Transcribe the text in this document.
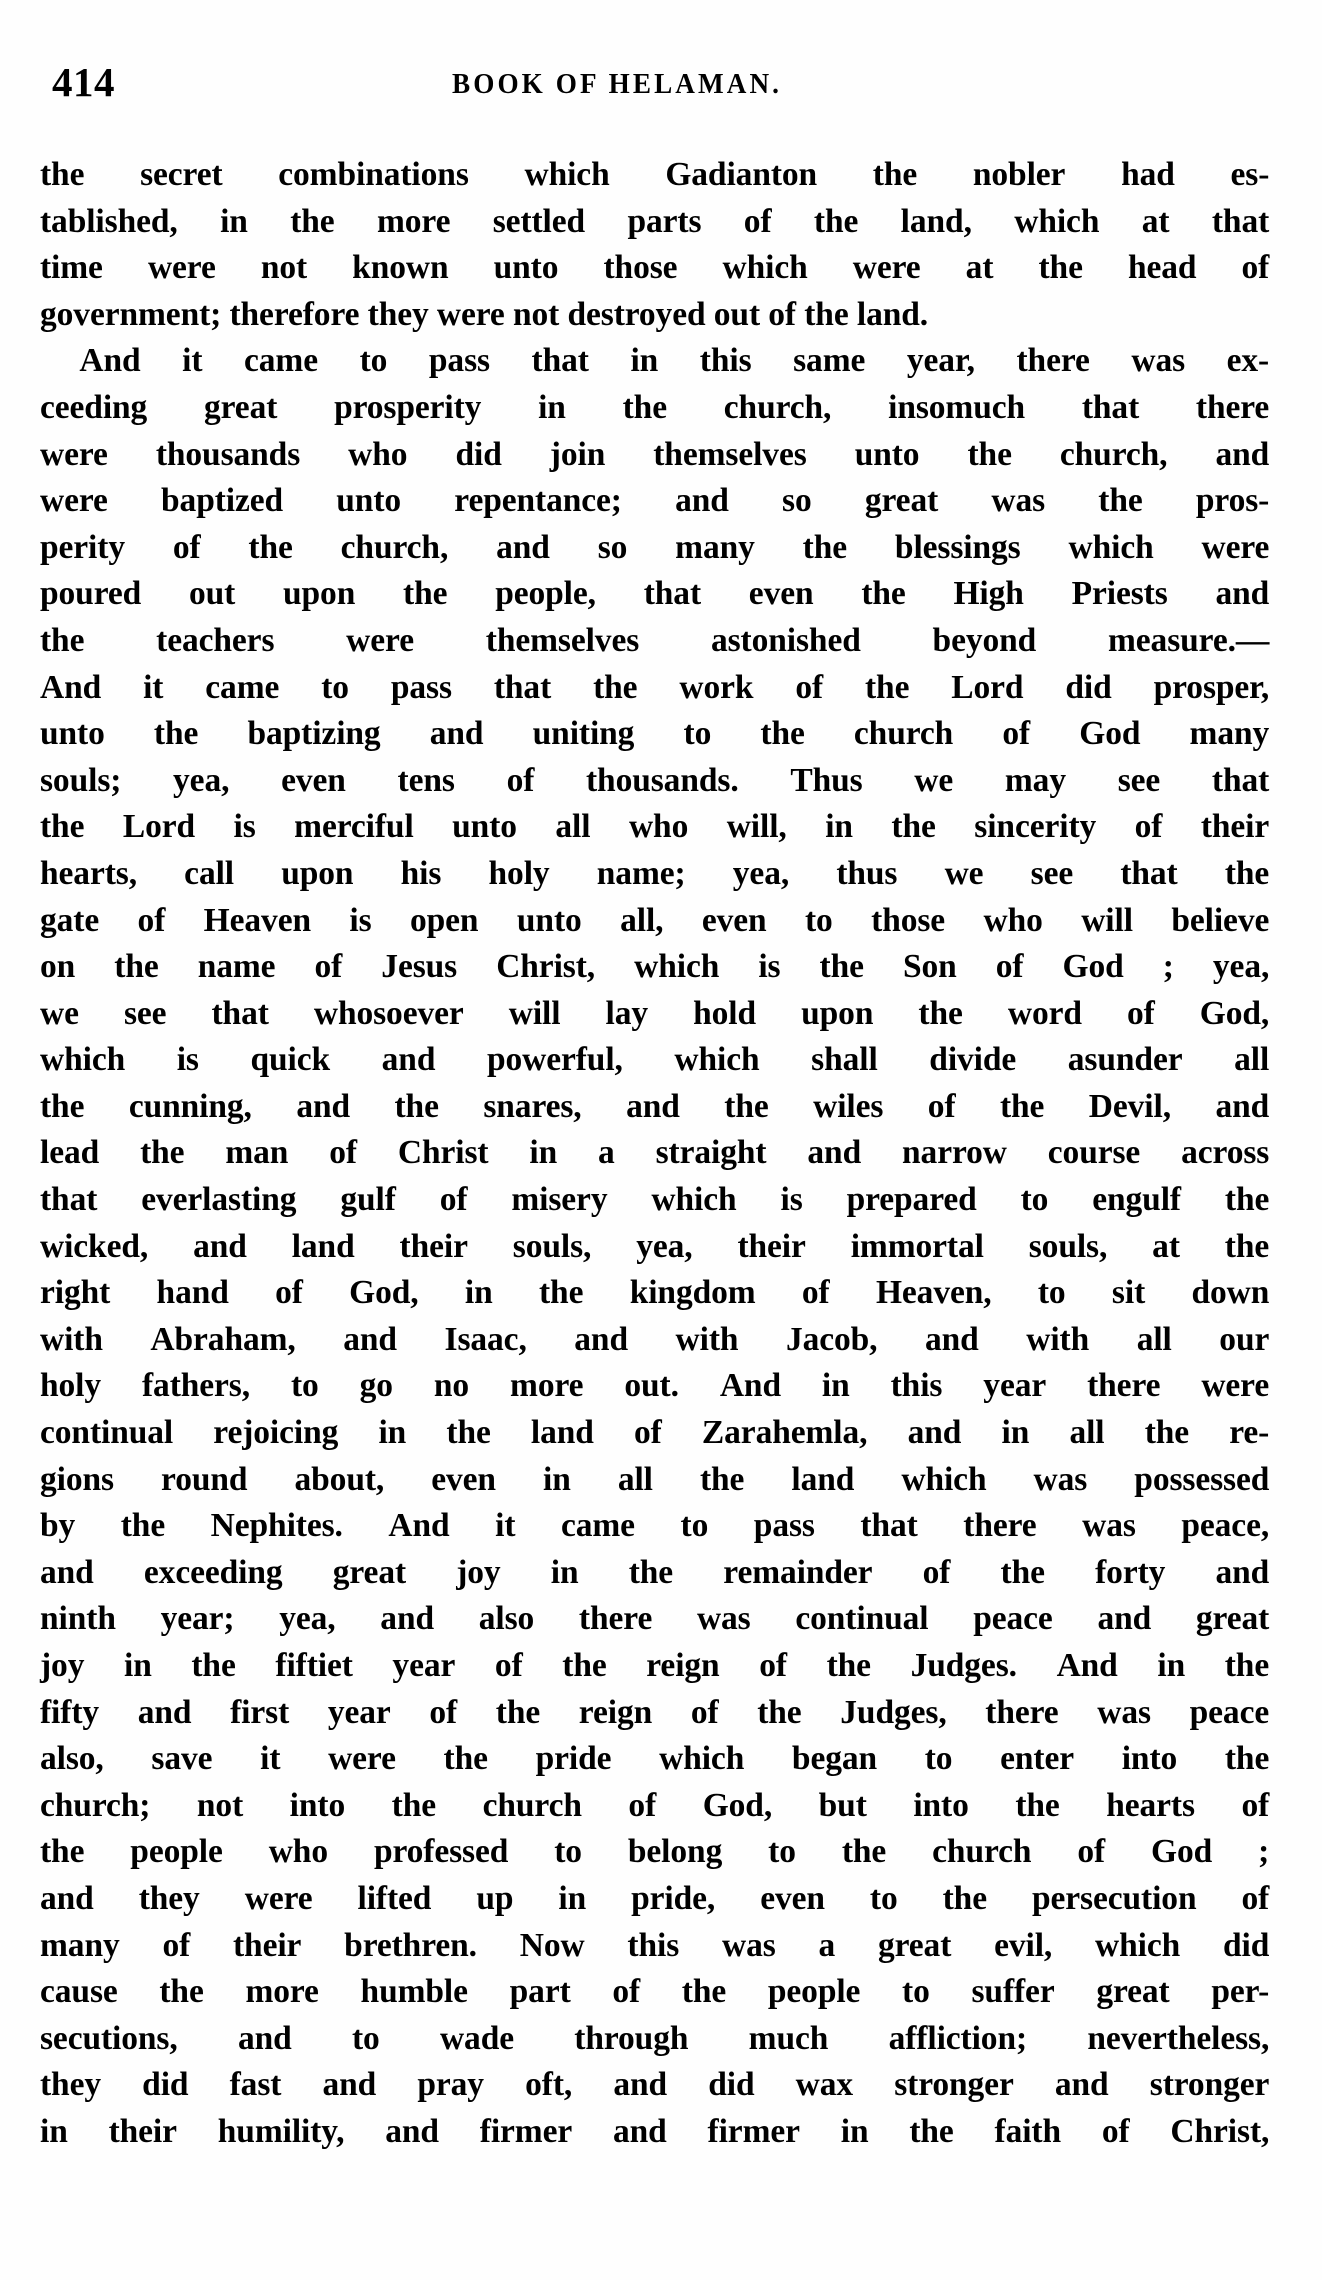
414	BOOK OF HELAMAN.
the secret combinations which Gadianton the nobler had es-
tablished, in the more settled parts of the land, which at that
time were not known unto those which were at the head of
government; therefore they were not destroyed out of the land.
And it came to pass that in this same year, there was ex-
ceeding great prosperity in the church, insomuch that there
were thousands who did join themselves unto the church, and
were baptized unto repentance; and so great was the pros-
perity of the church, and so many the blessings which were
poured out upon the people, that even the High Priests and
the teachers were themselves astonished beyond measure.—
And it came to pass that the work of the Lord did prosper,
unto the baptizing and uniting to the church of God many
souls; yea, even tens of thousands. Thus we may see that
the Lord is merciful unto all who will, in the sincerity of their
hearts, call upon his holy name; yea, thus we see that the
gate of Heaven is open unto all, even to those who will believe
on the name of Jesus Christ, which is the Son of God ; yea,
we see that whosoever will lay hold upon the word of God,
which is quick and powerful, which shall divide asunder all
the cunning, and the snares, and the wiles of the Devil, and
lead the man of Christ in a straight and narrow course across
that everlasting gulf of misery which is prepared to engulf the
wicked, and land their souls, yea, their immortal souls, at the
right hand of God, in the kingdom of Heaven, to sit down
with Abraham, and Isaac, and with Jacob, and with all our
holy fathers, to go no more out. And in this year there were
continual rejoicing in the land of Zarahemla, and in all the re-
gions round about, even in all the land which was possessed
by the Nephites. And it came to pass that there was peace,
and exceeding great joy in the remainder of the forty and
ninth year; yea, and also there was continual peace and great
joy in the fiftiet year of the reign of the Judges. And in the
fifty and first year of the reign of the Judges, there was peace
also, save it were the pride which began to enter into the
church; not into the church of God, but into the hearts of
the people who professed to belong to the church of God ;
and they were lifted up in pride, even to the persecution of
many of their brethren. Now this was a great evil, which did
cause the more humble part of the people to suffer great per-
secutions, and to wade through much affliction; nevertheless,
they did fast and pray oft, and did wax stronger and stronger
in their humility, and firmer and firmer in the faith of Christ,
